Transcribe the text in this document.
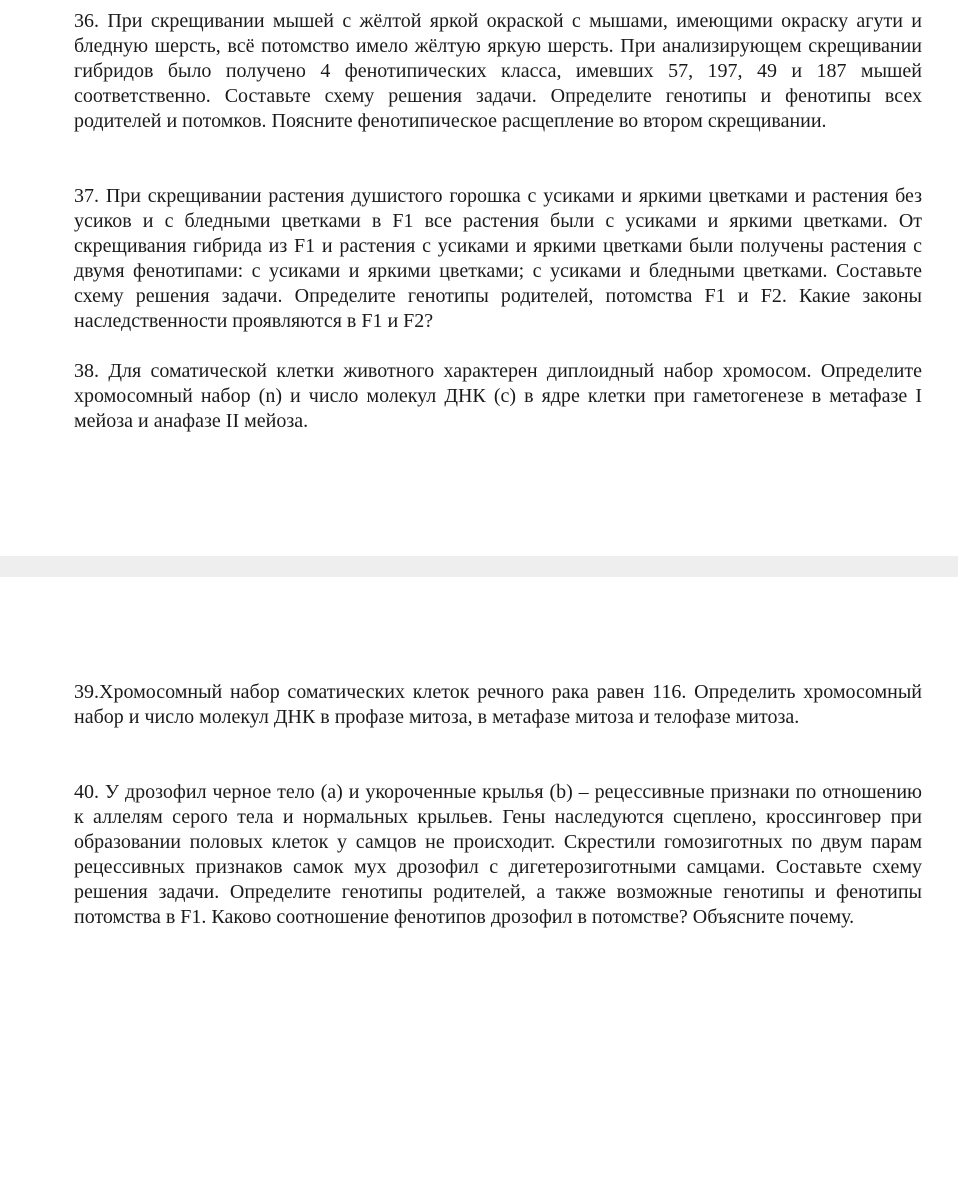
36. При скрещивании мышей с жёлтой яркой окраской с мышами, имеющими окраску агути и бледную шерсть, всё потомство имело жёлтую яркую шерсть. При анализирующем скрещивании гибридов было получено 4 фенотипических класса, имевших 57, 197, 49 и 187 мышей соответственно. Составьте схему решения задачи. Определите генотипы и фенотипы всех родителей и потомков. Поясните фенотипическое расщепление во втором скрещивании.

37. При скрещивании растения душистого горошка с усиками и яркими цветками и растения без усиков и с бледными цветками в F1 все растения были с усиками и яркими цветками. От скрещивания гибрида из F1 и растения с усиками и яркими цветками были получены растения с двумя фенотипами: с усиками и яркими цветками; с усиками и бледными цветками. Составьте схему решения задачи. Определите генотипы родителей, потомства F1 и F2. Какие законы наследственности проявляются в F1 и F2?

38. Для соматической клетки животного характерен диплоидный набор хромосом. Определите хромосомный набор (n) и число молекул ДНК (с) в ядре клетки при гаметогенезе в метафазе I мейоза и анафазе II мейоза.

39.Хромосомный набор соматических клеток речного рака равен 116. Определить хромосомный набор и число молекул ДНК в профазе митоза, в метафазе митоза и телофазе митоза.

40. У дрозофил черное тело (а) и укороченные крылья (b) – рецессивные признаки по отношению к аллелям серого тела и нормальных крыльев. Гены наследуются сцеплено, кроссинговер при образовании половых клеток у самцов не происходит. Скрестили гомозиготных по двум парам рецессивных признаков самок мух дрозофил с дигетерозиготными самцами. Составьте схему решения задачи. Определите генотипы родителей, а также возможные генотипы и фенотипы потомства в F1. Каково соотношение фенотипов дрозофил в потомстве? Объясните почему.
